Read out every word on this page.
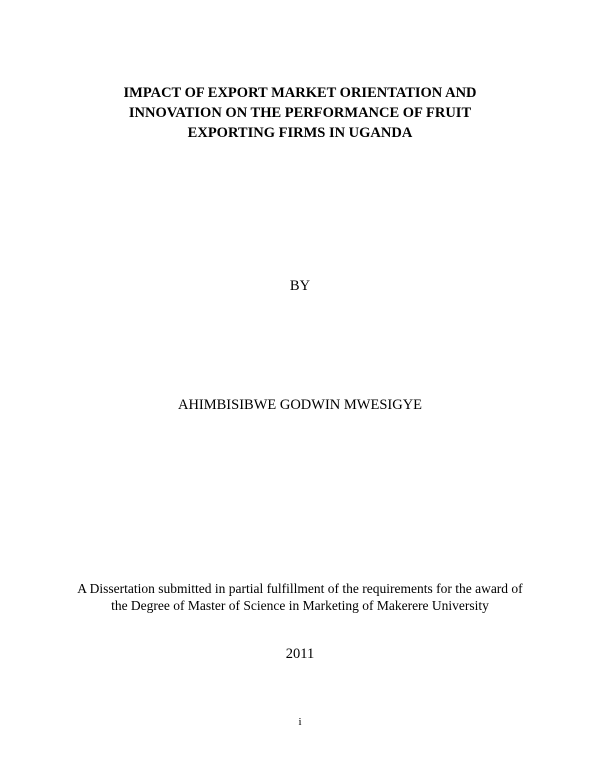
IMPACT OF EXPORT MARKET ORIENTATION AND
INNOVATION ON THE PERFORMANCE OF FRUIT
EXPORTING FIRMS IN UGANDA
BY
AHIMBISIBWE GODWIN MWESIGYE
A Dissertation submitted in partial fulfillment of the requirements for the award of
the Degree of Master of Science in Marketing of Makerere University
2011
i
